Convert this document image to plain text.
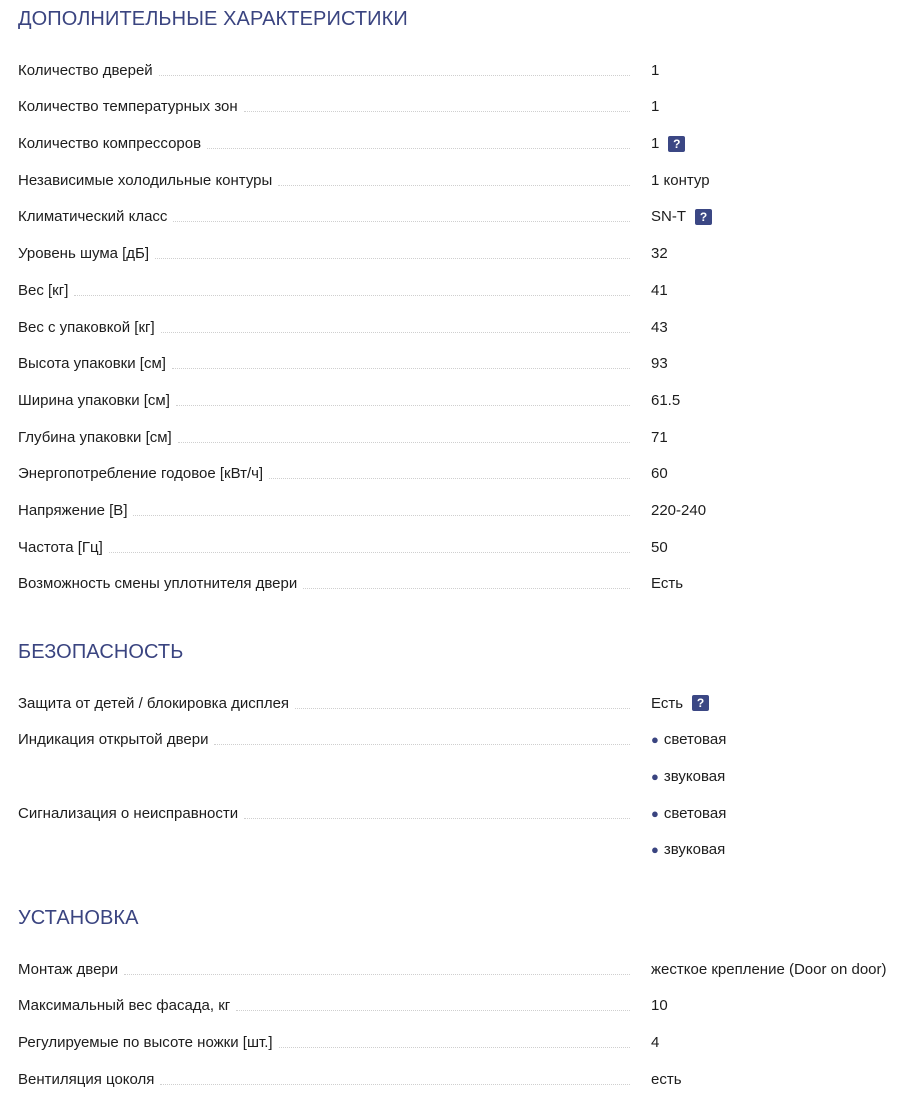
ДОПОЛНИТЕЛЬНЫЕ ХАРАКТЕРИСТИКИ
Количество дверей	1
Количество температурных зон	1
Количество компрессоров	1	?
Независимые холодильные контуры	1 контур
Климатический класс	SN-T	?
Уровень шума [дБ]	32
Вес [кг]	41
Вес с упаковкой [кг]	43
Высота упаковки [см]	93
Ширина упаковки [см]	61.5
Глубина упаковки [см]	71
Энергопотребление годовое [кВт/ч]	60
Напряжение [В]	220-240
Частота [Гц]	50
Возможность смены уплотнителя двери	Есть
БЕЗОПАСНОСТЬ
Защита от детей / блокировка дисплея	Есть	?
Индикация открытой двери	● световая
● звуковая
Сигнализация о неисправности	● световая
● звуковая
УСТАНОВКА
Монтаж двери	жесткое крепление (Door on door)
Максимальный вес фасада, кг	10
Регулируемые по высоте ножки [шт.]	4
Вентиляция цоколя	есть
